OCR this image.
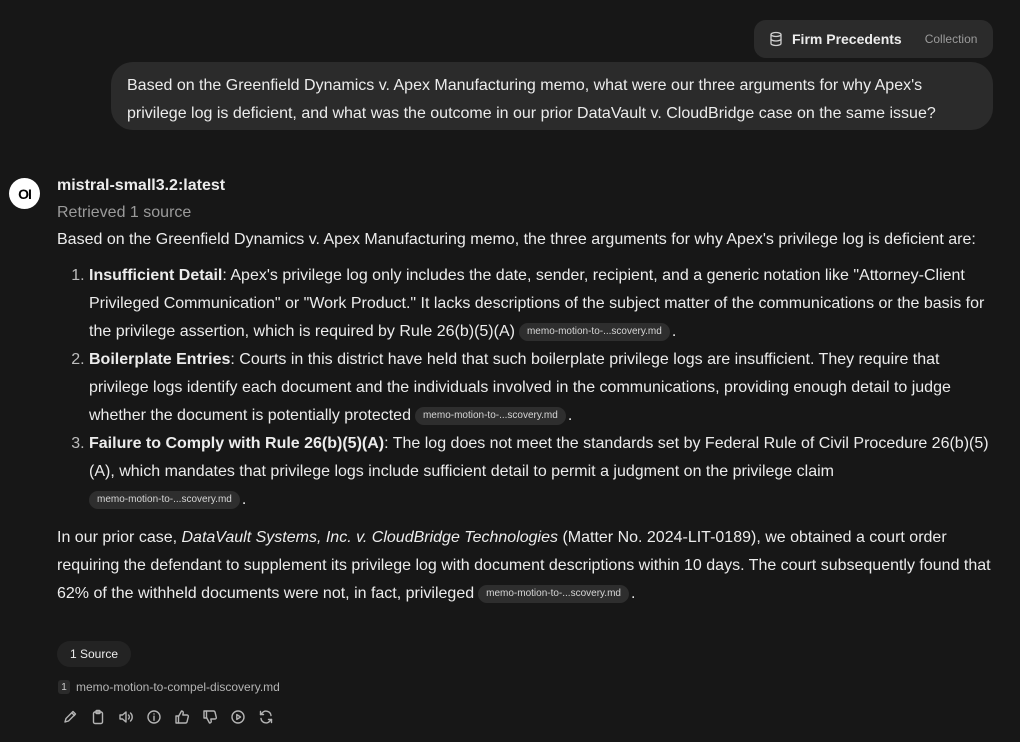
Firm Precedents Collection
Based on the Greenfield Dynamics v. Apex Manufacturing memo, what were our three arguments for why Apex's privilege log is deficient, and what was the outcome in our prior DataVault v. CloudBridge case on the same issue?
OI	mistral-small3.2:latest
Retrieved 1 source

Based on the Greenfield Dynamics v. Apex Manufacturing memo, the three arguments for why Apex's privilege log is deficient are:

1. Insufficient Detail: Apex's privilege log only includes the date, sender, recipient, and a generic notation like "Attorney-Client Privileged Communication" or "Work Product." It lacks descriptions of the subject matter of the communications or the basis for the privilege assertion, which is required by Rule 26(b)(5)(A) memo-motion-to-...scovery.md .
2. Boilerplate Entries: Courts in this district have held that such boilerplate privilege logs are insufficient. They require that privilege logs identify each document and the individuals involved in the communications, providing enough detail to judge whether the document is potentially protected memo-motion-to-...scovery.md .
3. Failure to Comply with Rule 26(b)(5)(A): The log does not meet the standards set by Federal Rule of Civil Procedure 26(b)(5)(A), which mandates that privilege logs include sufficient detail to permit a judgment on the privilege claim
memo-motion-to-...scovery.md .

In our prior case, DataVault Systems, Inc. v. CloudBridge Technologies (Matter No. 2024-LIT-0189), we obtained a court order requiring the defendant to supplement its privilege log with document descriptions within 10 days. The court subsequently found that 62% of the withheld documents were not, in fact, privileged memo-motion-to-...scovery.md .

1 Source
1 memo-motion-to-compel-discovery.md
